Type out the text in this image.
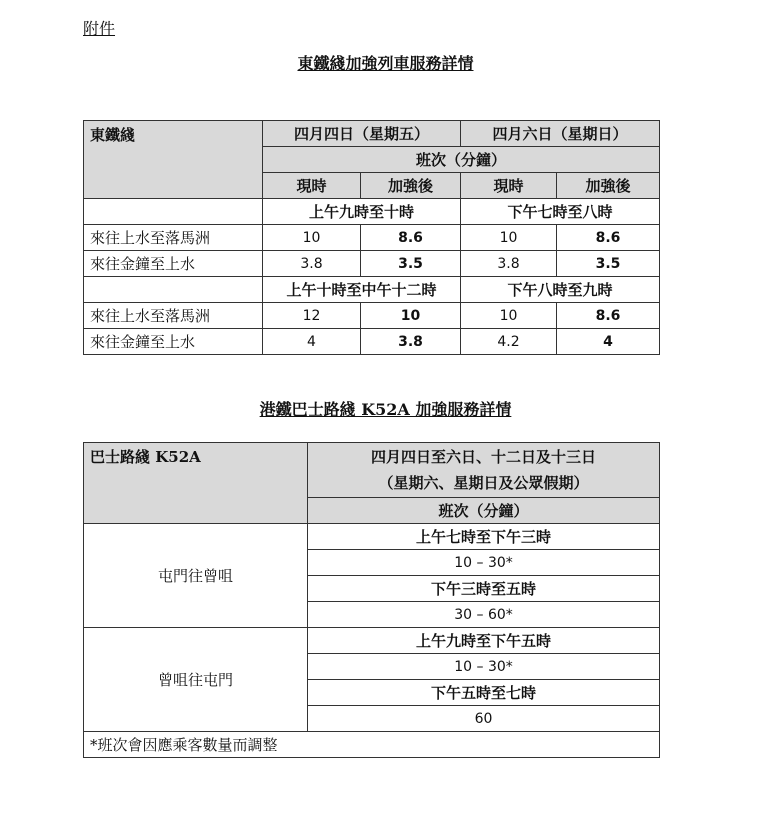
附件
東鐵綫加強列車服務詳情
東鐵綫	四月四日（星期五）		四月六日（星期日）	
	班次（分鐘）			
	現時	加強後	現時	加強後
	上午九時至十時		下午七時至八時	
來往上水至落馬洲	10	8.6	10	8.6
來往金鐘至上水	3.8	3.5	3.8	3.5
	上午十時至中午十二時		下午八時至九時	
來往上水至落馬洲	12	10	10	8.6
來往金鐘至上水	4	3.8	4.2	4
港鐵巴士路綫 K52A 加強服務詳情
巴士路綫 K52A	四月四日至六日、十二日及十三日
（星期六、星期日及公眾假期）

	班次（分鐘）
屯門往曾咀	上午七時至下午三時
	10 – 30*
	下午三時至五時
	30 – 60*
曾咀往屯門	上午九時至下午五時
	10 – 30*
	下午五時至七時
	60
*班次會因應乘客數量而調整	
